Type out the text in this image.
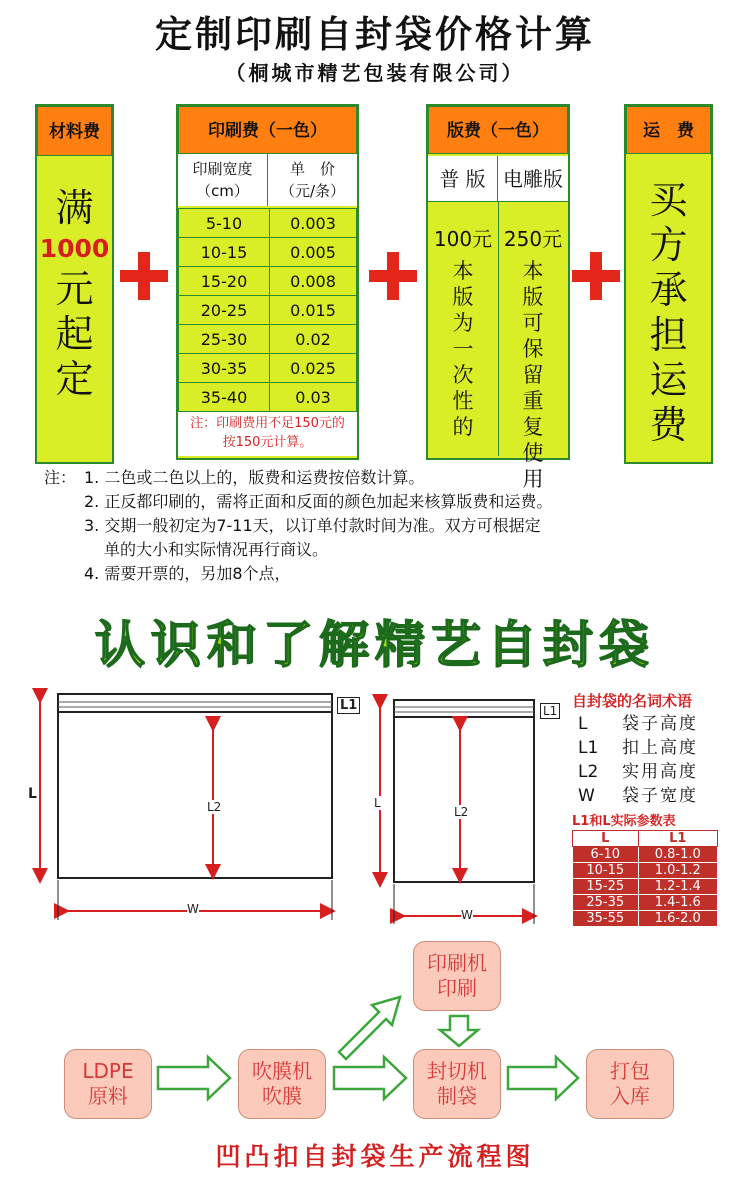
定制印刷自封袋价格计算
（桐城市精艺包装有限公司）
材料费
满
1000
元
起
定
印刷费（一色）
印刷宽度
（cm）
单　价
（元/条）
5-10	0.003
10-15	0.005
15-20	0.008
20-25	0.015
25-30	0.02
30-35	0.025
35-40	0.03
注：印刷费用不足150元的
按150元计算。
版费（一色）
普 版 电雕版
100元
本
版
为
一
次
性
的
250元
本
版
可
保
留
重
复
使
用
运　费
买
方
承
担
运
费
注： 1. 二色或二色以上的，版费和运费按倍数计算。
2. 正反都印刷的，需将正面和反面的颜色加起来核算版费和运费。
3. 交期一般初定为7-11天，以订单付款时间为准。双方可根据定
单的大小和实际情况再行商议。
4. 需要开票的，另加8个点，
认识和了解精艺自封袋
L
L1
L2
W
L
L1
L2
W
自封袋的名词术语
L	袋子高度
L1	扣上高度
L2	实用高度
W	袋子宽度
L1和L实际参数表
L	L1
6-10	0.8-1.0
10-15	1.0-1.2
15-25	1.2-1.4
25-35	1.4-1.6
35-55	1.6-2.0
LDPE
原料
吹膜机
吹膜
印刷机
印刷
封切机
制袋
打包
入库
凹凸扣自封袋生产流程图
